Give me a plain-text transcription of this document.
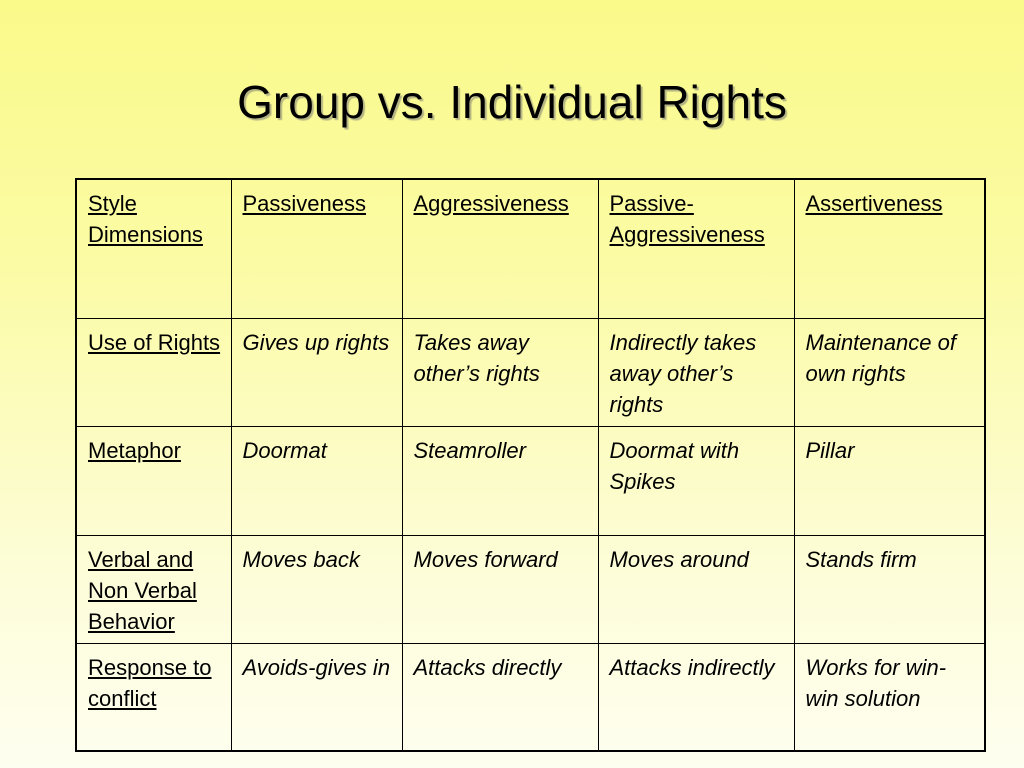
Group vs. Individual Rights
Style Dimensions	Passiveness	Aggressiveness	Passive-Aggressiveness	Assertiveness
Use of Rights	Gives up rights	Takes away other’s rights	Indirectly takes away other’s rights	Maintenance of own rights
Metaphor	Doormat	Steamroller	Doormat with Spikes	Pillar
Verbal and Non Verbal Behavior	Moves back	Moves forward	Moves around	Stands firm
Response to conflict	Avoids-gives in	Attacks directly	Attacks indirectly	Works for win-win solution
